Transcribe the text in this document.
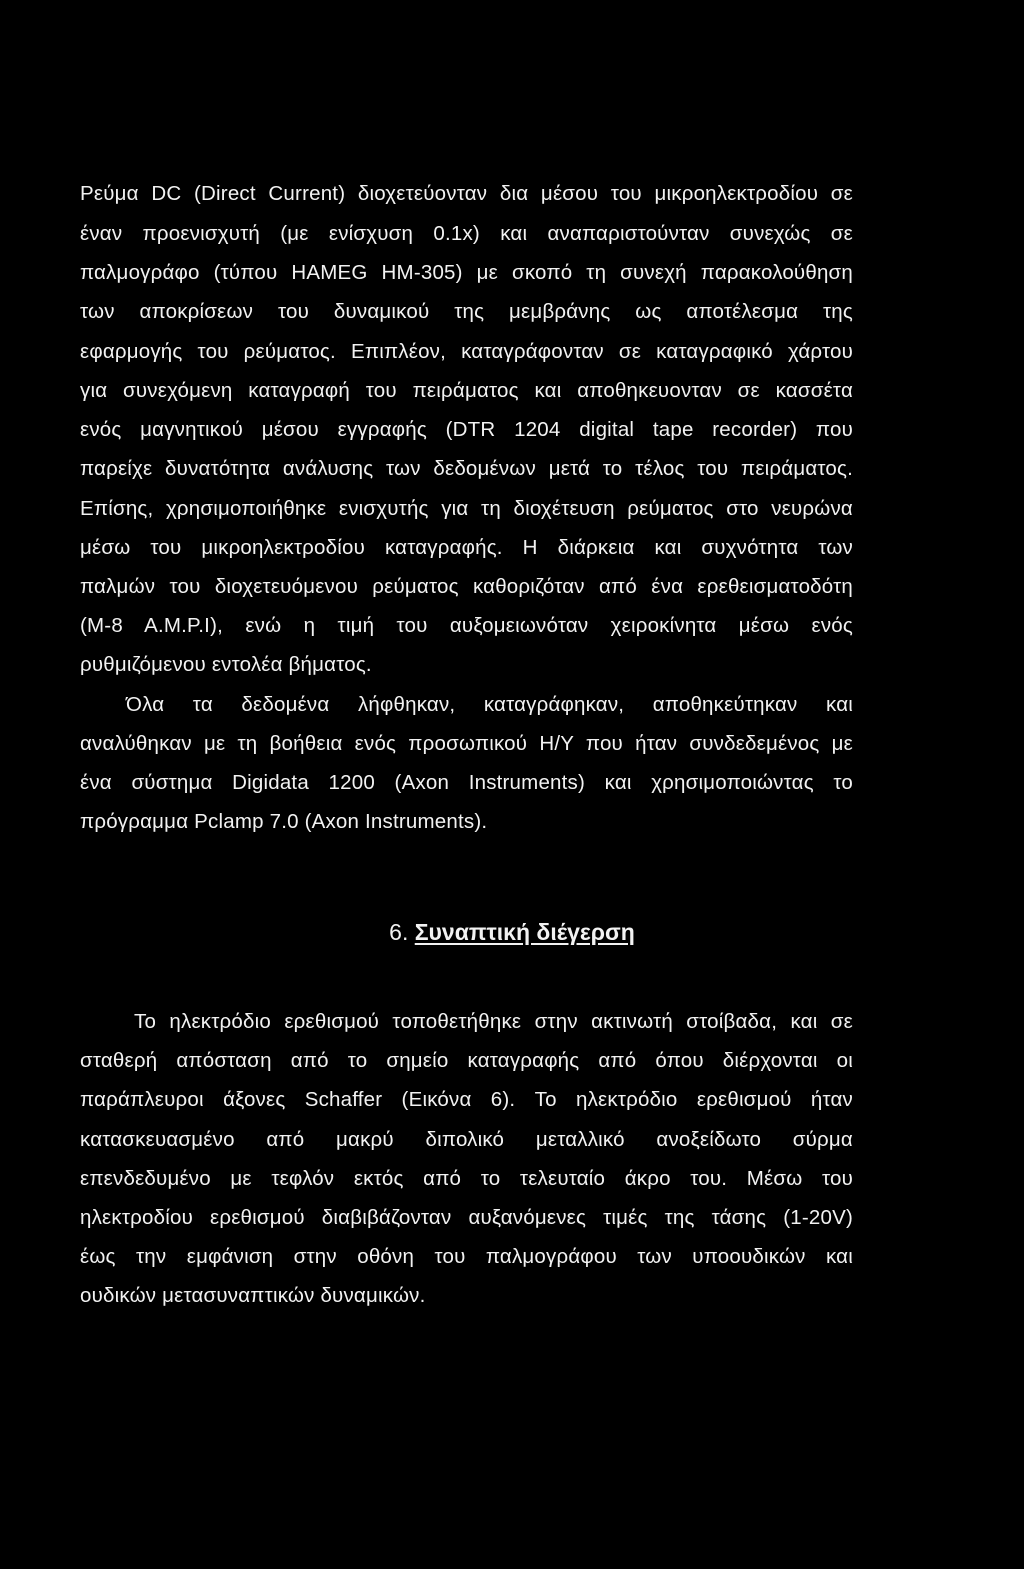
Ρεύμα DC (Direct Current) διοχετεύονταν δια μέσου του μικροηλεκτροδίου σε
έναν προενισχυτή (με ενίσχυση 0.1x) και αναπαριστούνταν συνεχώς σε
παλμογράφο (τύπου HAMEG HM-305) με σκοπό τη συνεχή παρακολούθηση
των αποκρίσεων του δυναμικού της μεμβράνης ως αποτέλεσμα της
εφαρμογής του ρεύματος. Επιπλέον, καταγράφονταν σε καταγραφικό χάρτου
για συνεχόμενη καταγραφή του πειράματος και αποθηκευονταν σε κασσέτα
ενός μαγνητικού μέσου εγγραφής (DTR 1204 digital tape recorder) που
παρείχε δυνατότητα ανάλυσης των δεδομένων μετά το τέλος του πειράματος.
Επίσης, χρησιμοποιήθηκε ενισχυτής για τη διοχέτευση ρεύματος στο νευρώνα
μέσω του μικροηλεκτροδίου καταγραφής. Η διάρκεια και συχνότητα των
παλμών του διοχετευόμενου ρεύματος καθοριζόταν από ένα ερεθεισματοδότη
(M-8 A.M.P.I), ενώ η τιμή του αυξομειωνόταν χειροκίνητα μέσω ενός
ρυθμιζόμενου εντολέα βήματος.
Όλα τα δεδομένα λήφθηκαν, καταγράφηκαν, αποθηκεύτηκαν και
αναλύθηκαν με τη βοήθεια ενός προσωπικού Η/Υ που ήταν συνδεδεμένος με
ένα σύστημα Digidata 1200 (Axon Instruments) και χρησιμοποιώντας το
πρόγραμμα Pclamp 7.0 (Axon Instruments).
6. Συναπτική διέγερση
Το ηλεκτρόδιο ερεθισμού τοποθετήθηκε στην ακτινωτή στοίβαδα, και σε
σταθερή απόσταση από το σημείο καταγραφής από όπου διέρχονται οι
παράπλευροι άξονες Schaffer (Εικόνα 6). Το ηλεκτρόδιο ερεθισμού ήταν
κατασκευασμένο από μακρύ διπολικό μεταλλικό ανοξείδωτο σύρμα
επενδεδυμένο με τεφλόν εκτός από το τελευταίο άκρο του. Μέσω του
ηλεκτροδίου ερεθισμού διαβιβάζονταν αυξανόμενες τιμές της τάσης (1-20V)
έως την εμφάνιση στην οθόνη του παλμογράφου των υποουδικών και
ουδικών μετασυναπτικών δυναμικών.
